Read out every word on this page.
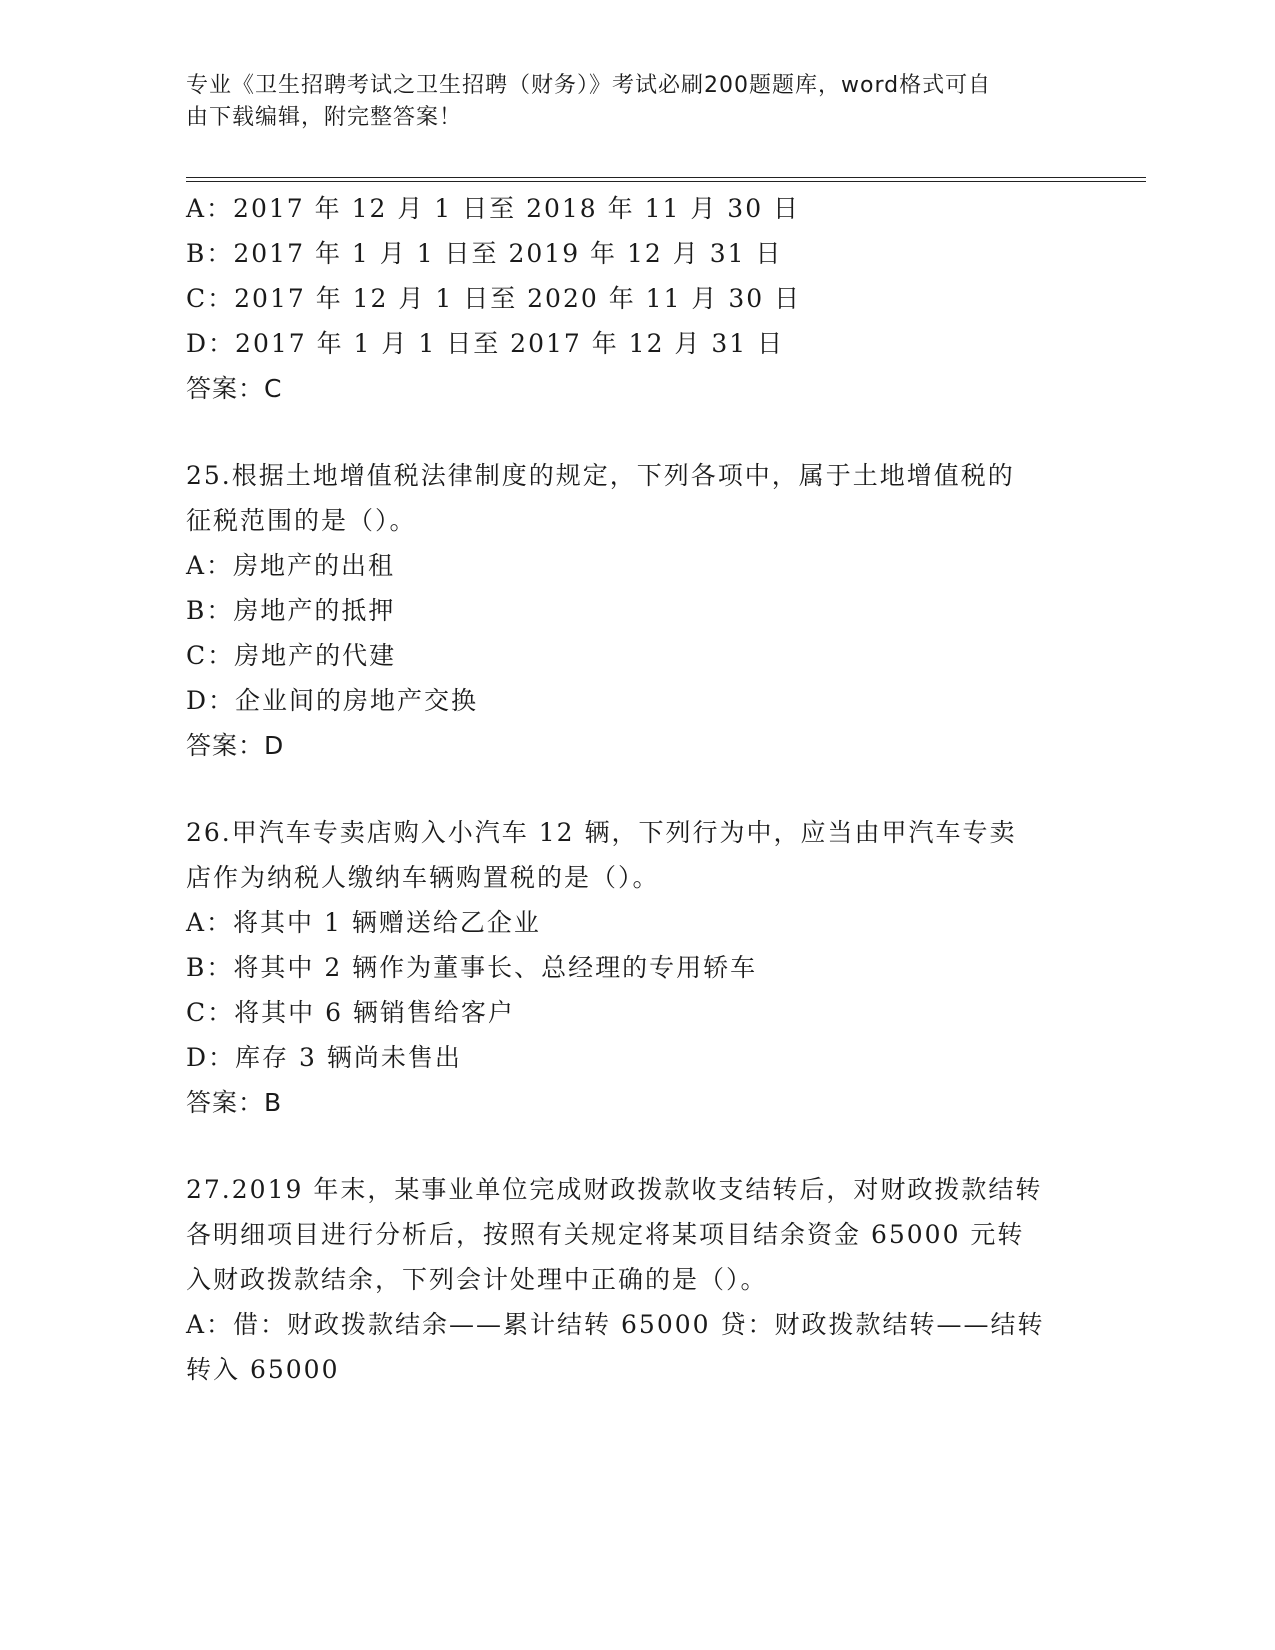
专业《卫生招聘考试之卫生招聘（财务）》考试必刷200题题库，word格式可自
由下载编辑，附完整答案！
A：2017 年 12 月 1 日至 2018 年 11 月 30 日
B：2017 年 1 月 1 日至 2019 年 12 月 31 日
C：2017 年 12 月 1 日至 2020 年 11 月 30 日
D：2017 年 1 月 1 日至 2017 年 12 月 31 日
答案：C
25.根据土地增值税法律制度的规定，下列各项中，属于土地增值税的
征税范围的是（）。
A：房地产的出租
B：房地产的抵押
C：房地产的代建
D：企业间的房地产交换
答案：D
26.甲汽车专卖店购入小汽车 12 辆，下列行为中，应当由甲汽车专卖
店作为纳税人缴纳车辆购置税的是（）。
A：将其中 1 辆赠送给乙企业
B：将其中 2 辆作为董事长、总经理的专用轿车
C：将其中 6 辆销售给客户
D：库存 3 辆尚未售出
答案：B
27.2019 年末，某事业单位完成财政拨款收支结转后，对财政拨款结转
各明细项目进行分析后，按照有关规定将某项目结余资金 65000 元转
入财政拨款结余，下列会计处理中正确的是（）。
A：借：财政拨款结余——累计结转 65000 贷：财政拨款结转——结转
转入 65000
